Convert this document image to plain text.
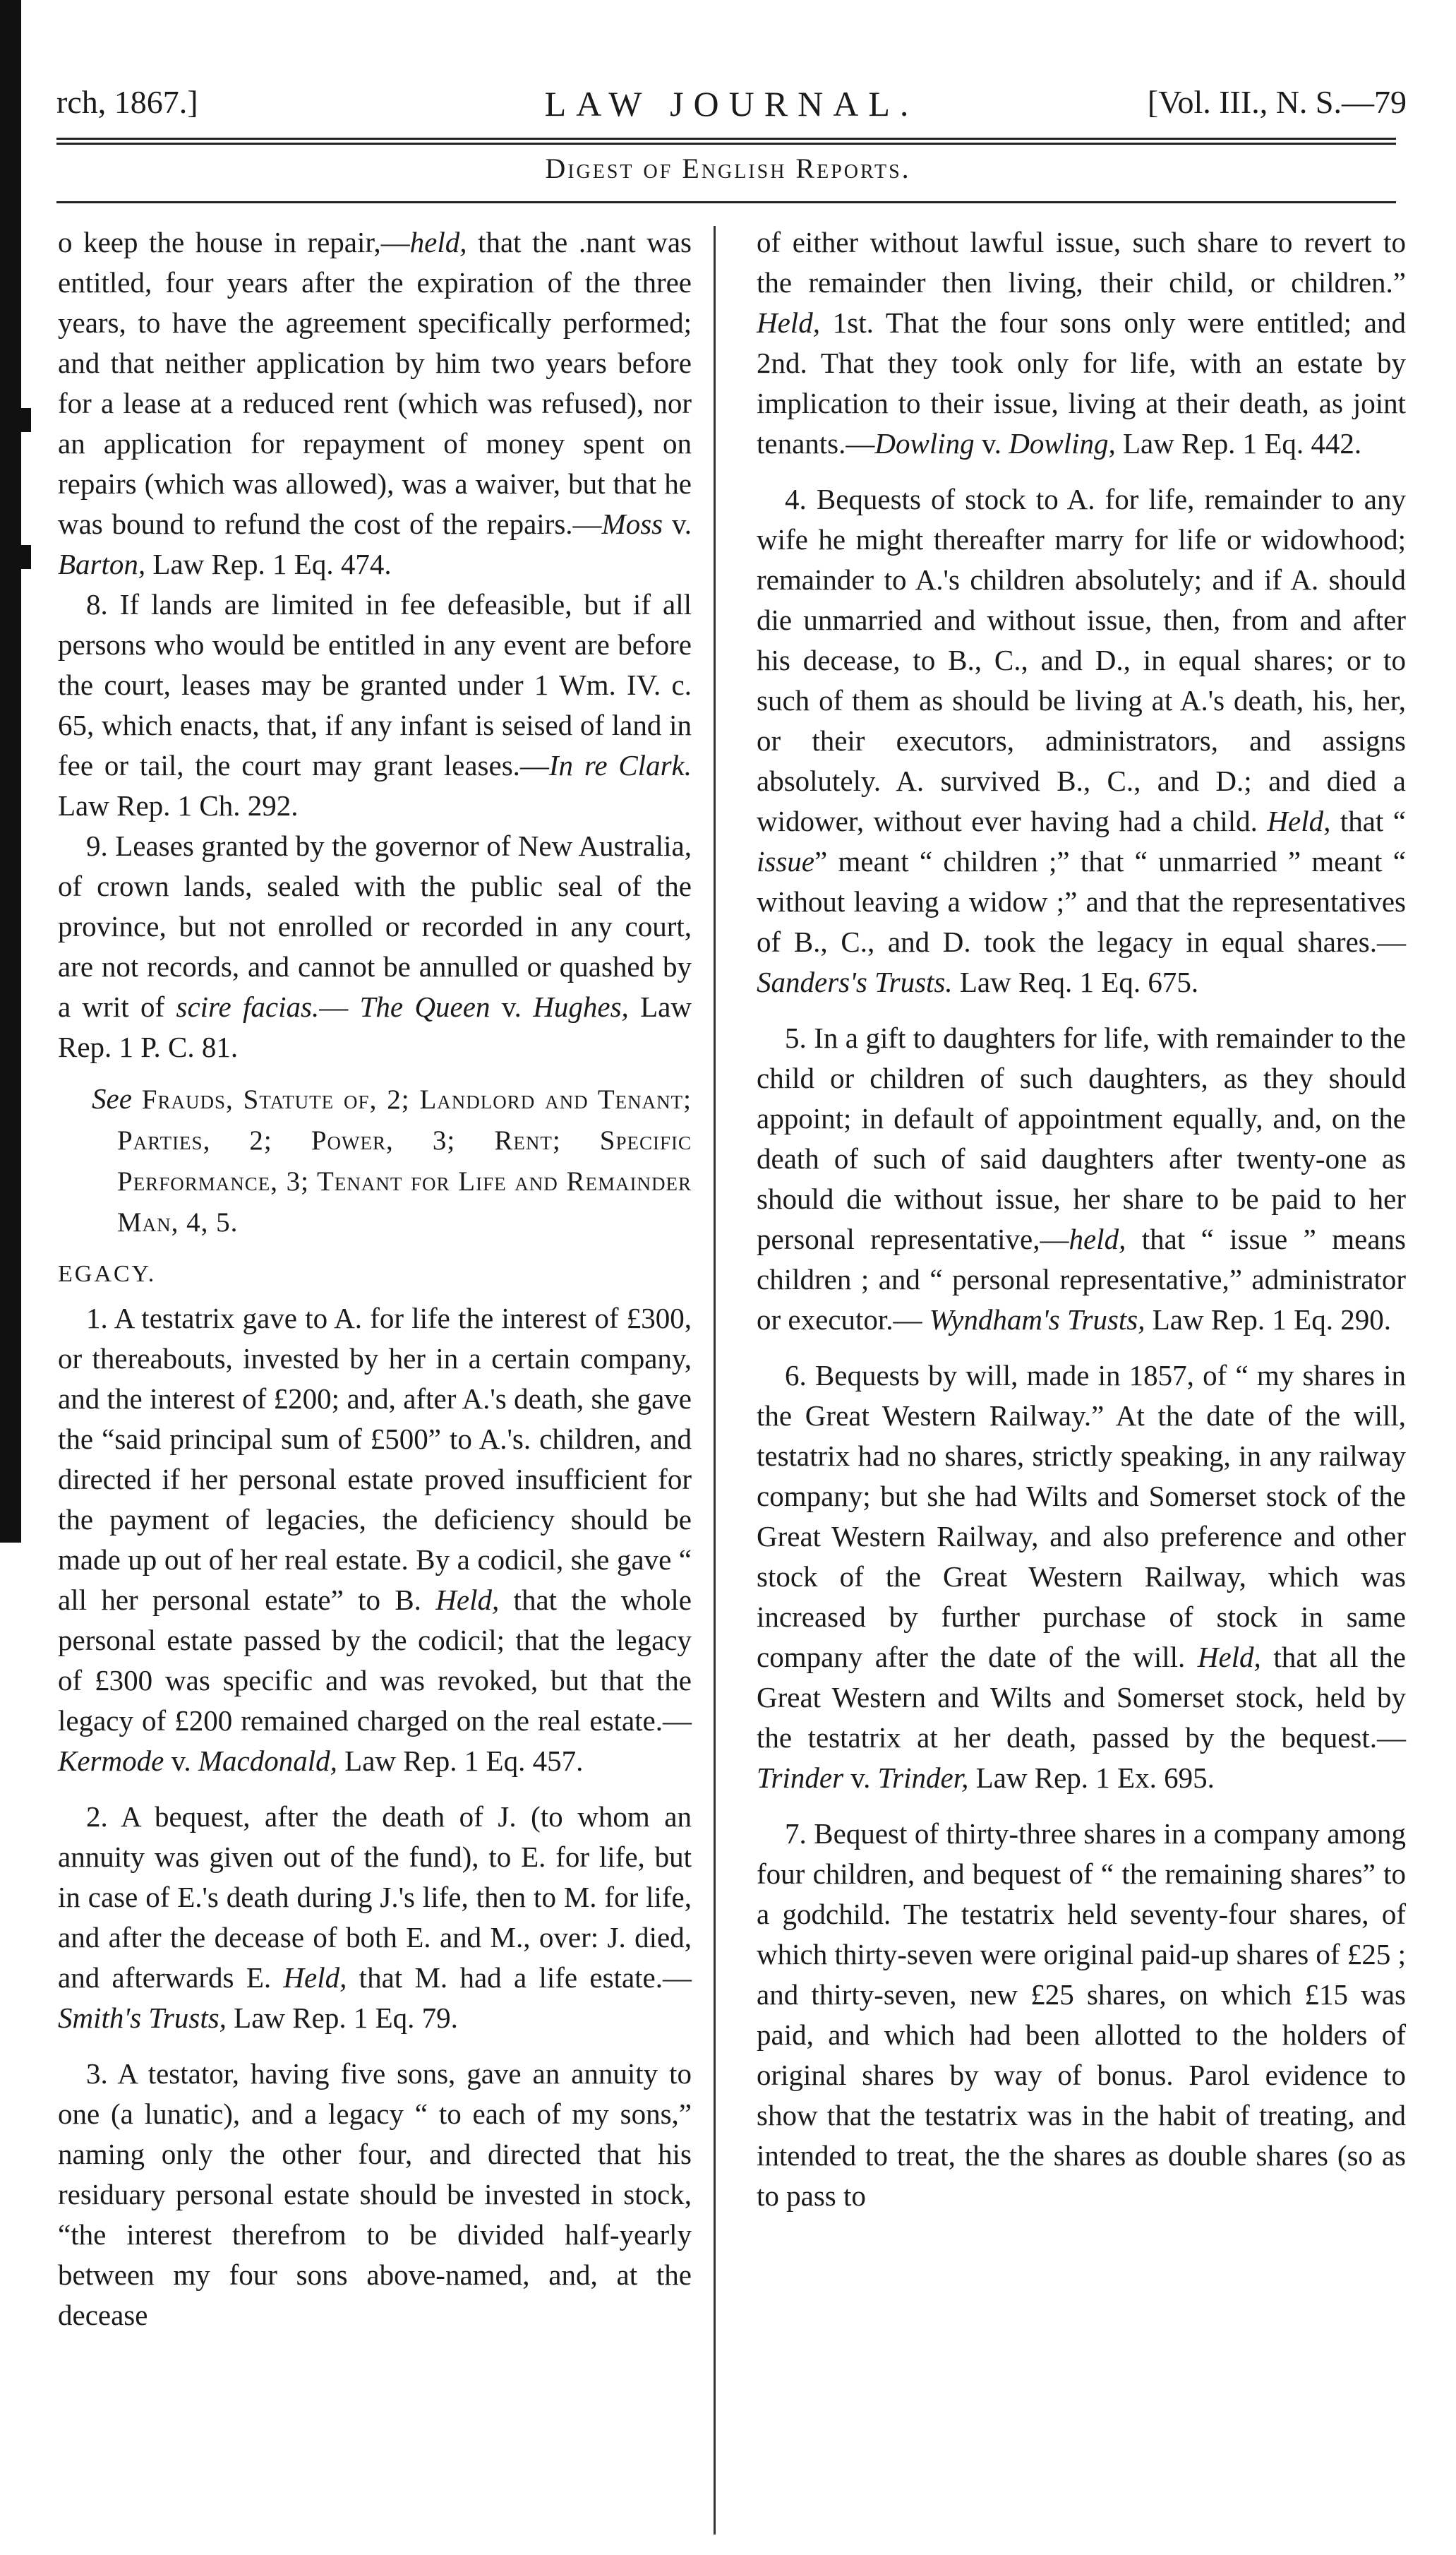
rch, 1867.]	LAW JOURNAL.	[Vol. III., N. S.—79
Digest of English Reports.

o keep the house in repair,—held, that the .nant was entitled, four years after the expiration of the three years, to have the agreement specifically performed; and that neither application by him two years before for a lease at a reduced rent (which was refused), nor an application for repayment of money spent on repairs (which was allowed), was a waiver, but that he was bound to refund the cost of the repairs.—Moss v. Barton, Law Rep. 1 Eq. 474.

8. If lands are limited in fee defeasible, but if all persons who would be entitled in any event are before the court, leases may be granted under 1 Wm. IV. c. 65, which enacts, that, if any infant is seised of land in fee or tail, the court may grant leases.—In re Clark. Law Rep. 1 Ch. 292.

9. Leases granted by the governor of New Australia, of crown lands, sealed with the public seal of the province, but not enrolled or recorded in any court, are not records, and cannot be annulled or quashed by a writ of scire facias.— The Queen v. Hughes, Law Rep. 1 P. C. 81.

See Frauds, Statute of, 2; Landlord and Tenant; Parties, 2; Power, 3; Rent; Specific Performance, 3; Tenant for Life and Remainder Man, 4, 5.

EGACY.

1. A testatrix gave to A. for life the interest of £300, or thereabouts, invested by her in a certain company, and the interest of £200; and, after A.'s death, she gave the “said principal sum of £500” to A.'s. children, and directed if her personal estate proved insufficient for the payment of legacies, the deficiency should be made up out of her real estate. By a codicil, she gave “ all her personal estate” to B. Held, that the whole personal estate passed by the codicil; that the legacy of £300 was specific and was revoked, but that the legacy of £200 remained charged on the real estate.—Kermode v. Macdonald, Law Rep. 1 Eq. 457.

2. A bequest, after the death of J. (to whom an annuity was given out of the fund), to E. for life, but in case of E.'s death during J.'s life, then to M. for life, and after the decease of both E. and M., over: J. died, and afterwards E. Held, that M. had a life estate.—Smith's Trusts, Law Rep. 1 Eq. 79.

3. A testator, having five sons, gave an annuity to one (a lunatic), and a legacy “ to each of my sons,” naming only the other four, and directed that his residuary personal estate should be invested in stock, “the interest therefrom to be divided half-yearly between my four sons above-named, and, at the decease

of either without lawful issue, such share to revert to the remainder then living, their child, or children.” Held, 1st. That the four sons only were entitled; and 2nd. That they took only for life, with an estate by implication to their issue, living at their death, as joint tenants.—Dowling v. Dowling, Law Rep. 1 Eq. 442.

4. Bequests of stock to A. for life, remainder to any wife he might thereafter marry for life or widowhood; remainder to A.'s children absolutely; and if A. should die unmarried and without issue, then, from and after his decease, to B., C., and D., in equal shares; or to such of them as should be living at A.'s death, his, her, or their executors, administrators, and assigns absolutely. A. survived B., C., and D.; and died a widower, without ever having had a child. Held, that “ issue” meant “ children ;” that “ unmarried ” meant “ without leaving a widow ;” and that the representatives of B., C., and D. took the legacy in equal shares.—Sanders's Trusts. Law Req. 1 Eq. 675.

5. In a gift to daughters for life, with remainder to the child or children of such daughters, as they should appoint; in default of appointment equally, and, on the death of such of said daughters after twenty-one as should die without issue, her share to be paid to her personal representative,—held, that “ issue ” means children ; and “ personal representative,” administrator or executor.— Wyndham's Trusts, Law Rep. 1 Eq. 290.

6. Bequests by will, made in 1857, of “ my shares in the Great Western Railway.” At the date of the will, testatrix had no shares, strictly speaking, in any railway company; but she had Wilts and Somerset stock of the Great Western Railway, and also preference and other stock of the Great Western Railway, which was increased by further purchase of stock in same company after the date of the will. Held, that all the Great Western and Wilts and Somerset stock, held by the testatrix at her death, passed by the bequest.—Trinder v. Trinder, Law Rep. 1 Ex. 695.

7. Bequest of thirty-three shares in a company among four children, and bequest of “ the remaining shares” to a godchild. The testatrix held seventy-four shares, of which thirty-seven were original paid-up shares of £25 ; and thirty-seven, new £25 shares, on which £15 was paid, and which had been allotted to the holders of original shares by way of bonus. Parol evidence to show that the testatrix was in the habit of treating, and intended to treat, the the shares as double shares (so as to pass to
